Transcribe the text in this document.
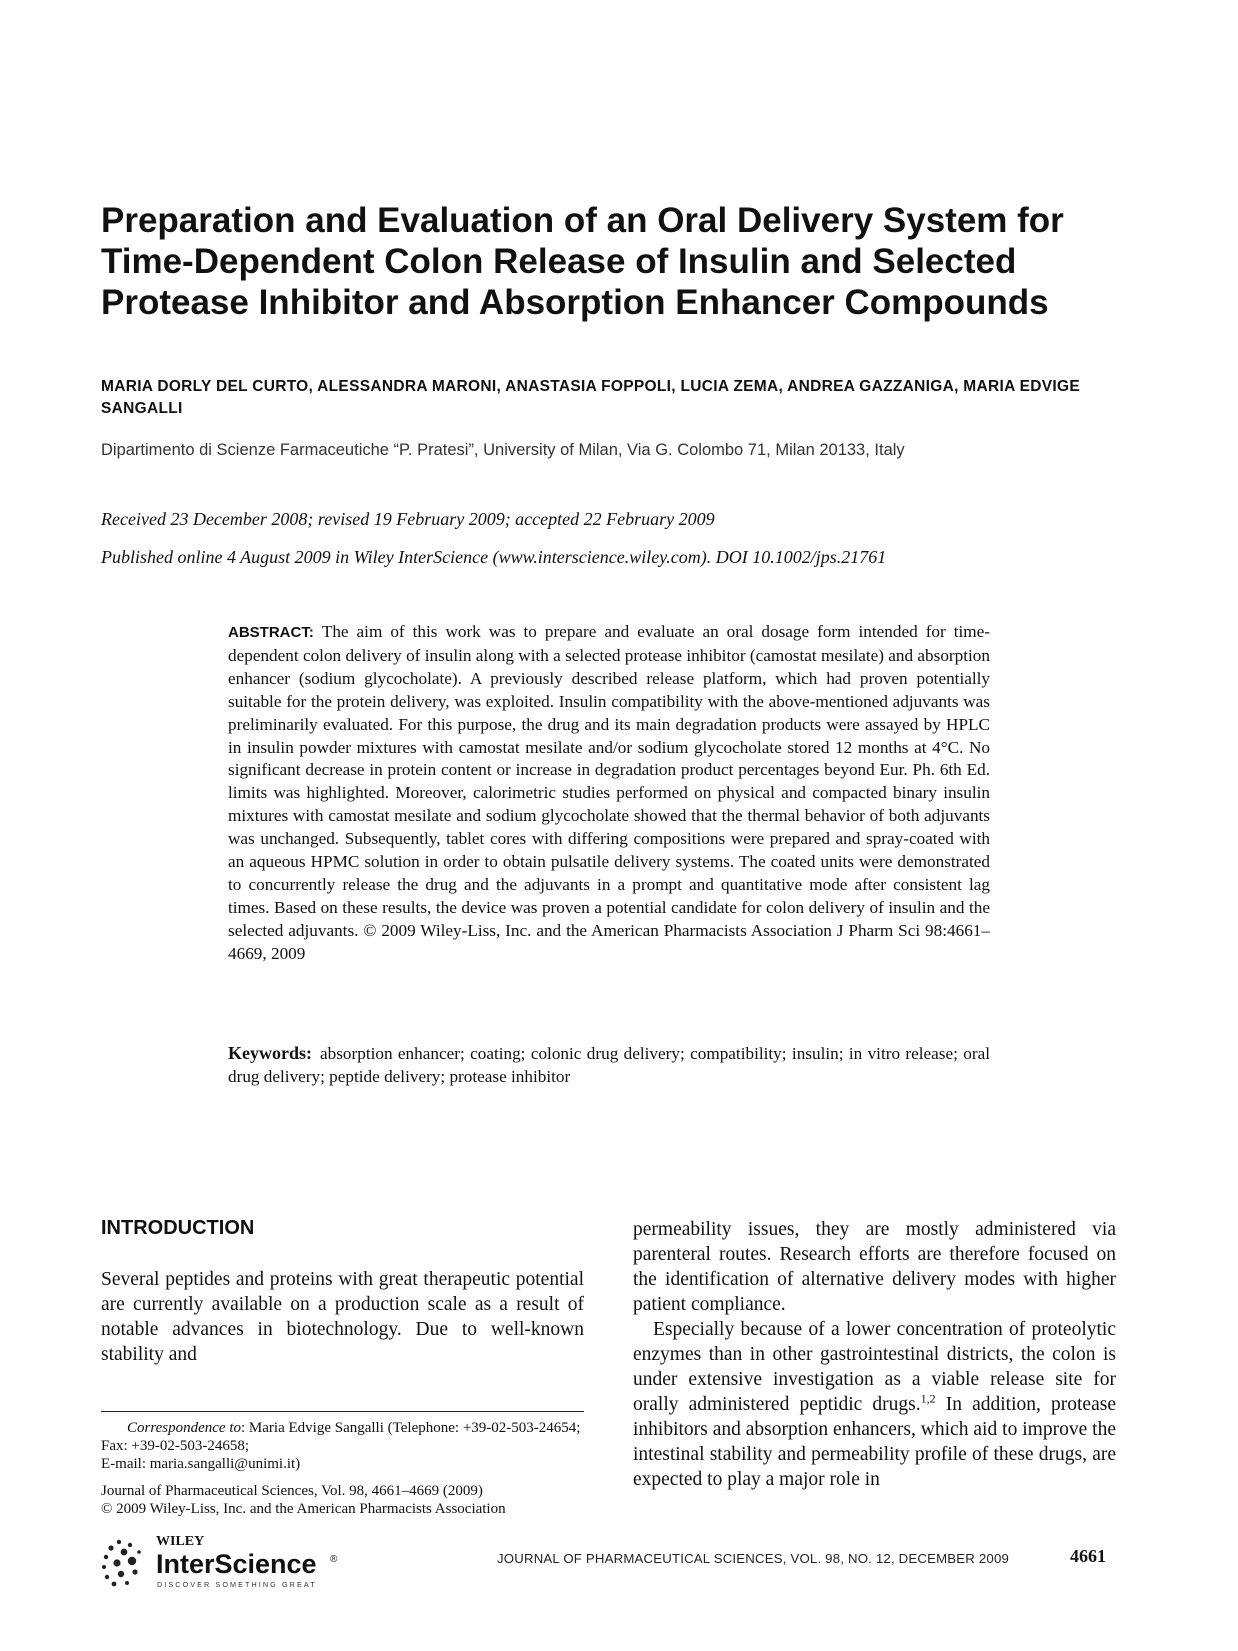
Preparation and Evaluation of an Oral Delivery System for Time-Dependent Colon Release of Insulin and Selected Protease Inhibitor and Absorption Enhancer Compounds

MARIA DORLY DEL CURTO, ALESSANDRA MARONI, ANASTASIA FOPPOLI, LUCIA ZEMA, ANDREA GAZZANIGA, MARIA EDVIGE SANGALLI

Dipartimento di Scienze Farmaceutiche “P. Pratesi”, University of Milan, Via G. Colombo 71, Milan 20133, Italy
Received 23 December 2008; revised 19 February 2009; accepted 22 February 2009
Published online 4 August 2009 in Wiley InterScience (www.interscience.wiley.com). DOI 10.1002/jps.21761

ABSTRACT: The aim of this work was to prepare and evaluate an oral dosage form intended for time-dependent colon delivery of insulin along with a selected protease inhibitor (camostat mesilate) and absorption enhancer (sodium glycocholate). A previously described release platform, which had proven potentially suitable for the protein delivery, was exploited. Insulin compatibility with the above-mentioned adjuvants was preliminarily evaluated. For this purpose, the drug and its main degradation products were assayed by HPLC in insulin powder mixtures with camostat mesilate and/or sodium glycocholate stored 12 months at 4°C. No significant decrease in protein content or increase in degradation product percentages beyond Eur. Ph. 6th Ed. limits was highlighted. Moreover, calorimetric studies performed on physical and compacted binary insulin mixtures with camostat mesilate and sodium glycocholate showed that the thermal behavior of both adjuvants was unchanged. Subsequently, tablet cores with differing compositions were prepared and spray-coated with an aqueous HPMC solution in order to obtain pulsatile delivery systems. The coated units were demonstrated to concurrently release the drug and the adjuvants in a prompt and quantitative mode after consistent lag times. Based on these results, the device was proven a potential candidate for colon delivery of insulin and the selected adjuvants. © 2009 Wiley-Liss, Inc. and the American Pharmacists Association J Pharm Sci 98:4661–4669, 2009

Keywords: absorption enhancer; coating; colonic drug delivery; compatibility; insulin; in vitro release; oral drug delivery; peptide delivery; protease inhibitor

INTRODUCTION

Several peptides and proteins with great therapeutic potential are currently available on a production scale as a result of notable advances in biotechnology. Due to well-known stability and

permeability issues, they are mostly administered via parenteral routes. Research efforts are therefore focused on the identification of alternative delivery modes with higher patient compliance.

Especially because of a lower concentration of proteolytic enzymes than in other gastrointestinal districts, the colon is under extensive investigation as a viable release site for orally administered peptidic drugs.$^{1,2}$ In addition, protease inhibitors and absorption enhancers, which aid to improve the intestinal stability and permeability profile of these drugs, are expected to play a major role in

Correspondence to: Maria Edvige Sangalli (Telephone: +39-02-503-24654; Fax: +39-02-503-24658;

E-mail: maria.sangalli@unimi.it)

Journal of Pharmaceutical Sciences, Vol. 98, 4661–4669 (2009)

© 2009 Wiley-Liss, Inc. and the American Pharmacists Association

WILEY
InterScience ®
DISCOVER SOMETHING GREAT
JOURNAL OF PHARMACEUTICAL SCIENCES, VOL. 98, NO. 12, DECEMBER 2009	4661
